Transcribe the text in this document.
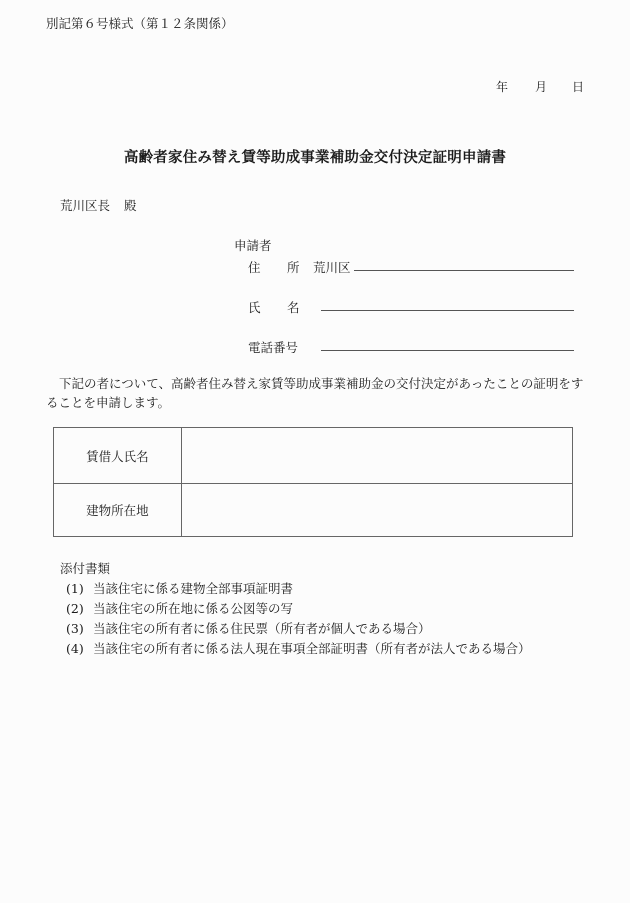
別記第６号様式（第１２条関係）
年 月 日
高齢者家住み替え賃等助成事業補助金交付決定証明申請書
荒川区長 殿
申請者
住 所 荒川区
氏 名
電話番号
下記の者について、高齢者住み替え家賃等助成事業補助金の交付決定があったことの証明をすることを申請します。
賃借人氏名	
建物所在地	
添付書類
(1) 当該住宅に係る建物全部事項証明書
(2) 当該住宅の所在地に係る公図等の写
(3) 当該住宅の所有者に係る住民票（所有者が個人である場合）
(4) 当該住宅の所有者に係る法人現在事項全部証明書（所有者が法人である場合）
